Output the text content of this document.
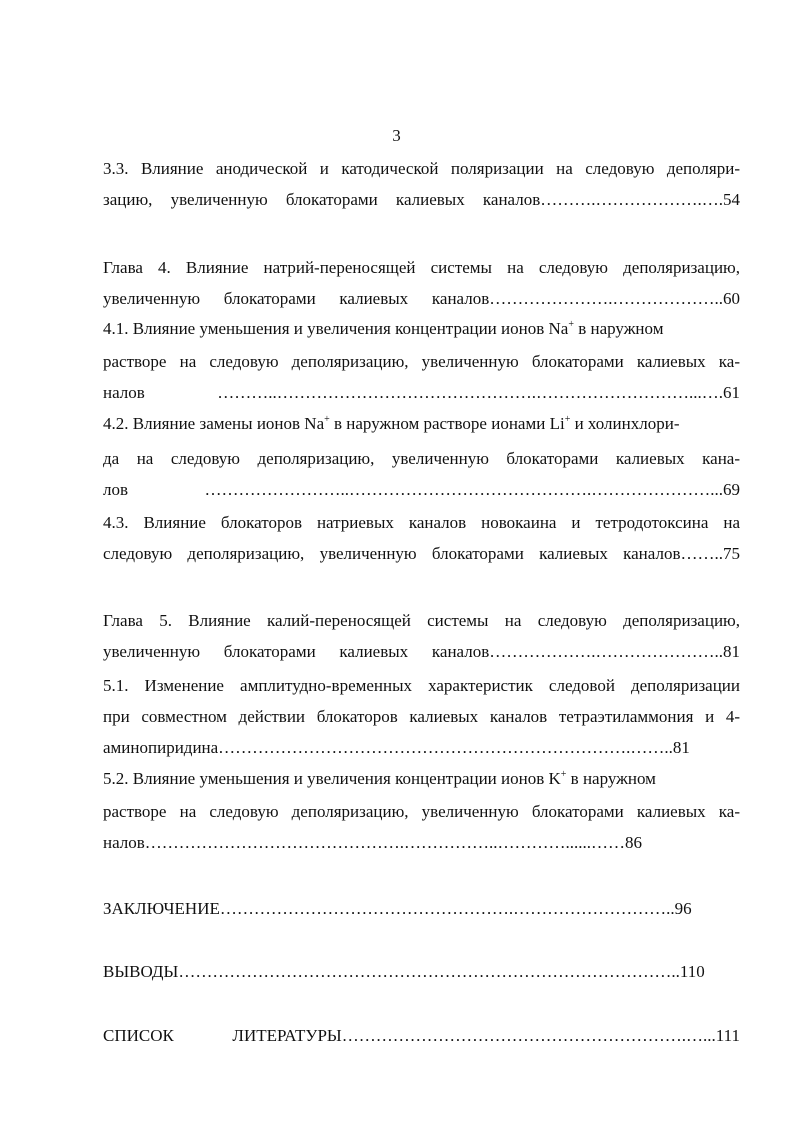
3
3.3. Влияние анодической и катодической поляризации на следовую деполяри-
зацию, увеличенную блокаторами калиевых каналов……….……………….….54
Глава 4. Влияние натрий-переносящей системы на следовую деполяризацию,
увеличенную блокаторами калиевых каналов………………….………………..60
4.1. Влияние уменьшения и увеличения концентрации ионов Na+ в наружном
раствоpe на следовую деполяризацию, увеличенную блокаторами калиевых ка-
налов ………..……………………………………….………………………...….61
4.2. Влияние замены ионов Na+ в наружном растворе ионами Li+ и холинхлори-
да на следовую деполяризацию, увеличенную блокаторами калиевых кана-
лов ……………………..…………………………………….…………………...69
4.3. Влияние блокаторов натриевых каналов новокаина и тетродотоксина на
следовую деполяризацию, увеличенную блокаторами калиевых каналов……..75
Глава 5. Влияние калий-переносящей системы на следовую деполяризацию,
увеличенную блокаторами калиевых каналов……………….…………………..81
5.1. Изменение амплитудно-временных характеристик следовой деполяризации
при совместном действии блокаторов калиевых каналов тетраэтиламмония и 4-
аминопиридина……………………………………………………………….……..81
5.2. Влияние уменьшения и увеличения концентрации ионов K+ в наружном
растворе на следовую деполяризацию, увеличенную блокаторами калиевых ка-
налов……………………………………….……………..…………......……86
ЗАКЛЮЧЕНИЕ…………………………………………….………………………..96
ВЫВОДЫ……………………………………………………………………………..110
СПИСОК ЛИТЕРАТУРЫ…………………………………………………….…...111
